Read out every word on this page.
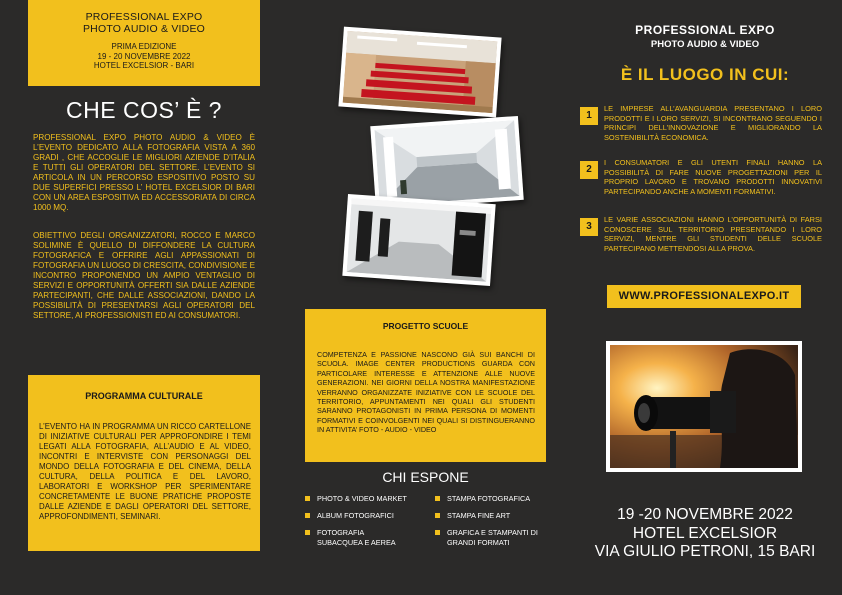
PROFESSIONAL EXPO
PHOTO AUDIO & VIDEO
PRIMA EDIZIONE
19 - 20 NOVEMBRE 2022
HOTEL EXCELSIOR - BARI
CHE COS’ È ?
PROFESSIONAL EXPO PHOTO AUDIO & VIDEO È L’EVENTO DEDICATO ALLA FOTOGRAFIA VISTA A 360 GRADI , CHE ACCOGLIE LE MIGLIORI AZIENDE D’ITALIA E TUTTI GLI OPERATORI DEL SETTORE. L’EVENTO SI ARTICOLA IN UN PERCORSO ESPOSITIVO POSTO SU DUE SUPERFICI PRESSO L’ HOTEL EXCELSIOR DI BARI CON UN AREA ESPOSITIVA ED ACCESSORIATA DI CIRCA 1000 MQ.
OBIETTIVO DEGLI ORGANIZZATORI, ROCCO E MARCO SOLIMINE È QUELLO DI DIFFONDERE LA CULTURA FOTOGRAFICA E OFFRIRE AGLI APPASSIONATI DI FOTOGRAFIA UN LUOGO DI CRESCITA, CONDIVISIONE E INCONTRO PROPONENDO UN AMPIO VENTAGLIO DI SERVIZI E OPPORTUNITÀ OFFERTI SIA DALLE AZIENDE PARTECIPANTI, CHE DALLE ASSOCIAZIONI, DANDO LA POSSIBILITÀ DI PRESENTARSI AGLI OPERATORI DEL SETTORE, AI PROFESSIONISTI ED AI CONSUMATORI.
PROGRAMMA CULTURALE
L’EVENTO HA IN PROGRAMMA UN RICCO CARTELLONE DI INIZIATIVE CULTURALI PER APPROFONDIRE I TEMI LEGATI ALLA FOTOGRAFIA, ALL’AUDIO E AL VIDEO, INCONTRI E INTERVISTE CON PERSONAGGI DEL MONDO DELLA FOTOGRAFIA E DEL CINEMA, DELLA CULTURA, DELLA POLITICA E DEL LAVORO, LABORATORI E WORKSHOP PER SPERIMENTARE CONCRETAMENTE LE BUONE PRATICHE PROPOSTE DALLE AZIENDE E DAGLI OPERATORI DEL SETTORE, APPROFONDIMENTI, SEMINARI.
PROGETTO SCUOLE
COMPETENZA E PASSIONE NASCONO GIÀ SUI BANCHI DI SCUOLA. IMAGE CENTER PRODUCTIONS GUARDA CON PARTICOLARE INTERESSE E ATTENZIONE ALLE NUOVE GENERAZIONI. NEI GIORNI DELLA NOSTRA MANIFESTAZIONE VERRANNO ORGANIZZATE INIZIATIVE CON LE SCUOLE DEL TERRITORIO, APPUNTAMENTI NEI QUALI GLI STUDENTI SARANNO PROTAGONISTI IN PRIMA PERSONA DI MOMENTI FORMATIVI E COINVOLGENTI NEI QUALI SI DISTINGUERANNO IN ATTIVITA’ FOTO - AUDIO - VIDEO
CHI ESPONE
PHOTO & VIDEO MARKET
ALBUM FOTOGRAFICI
FOTOGRAFIA SUBACQUEA E AEREA
STAMPA FOTOGRAFICA
STAMPA FINE ART
GRAFICA E STAMPANTI DI GRANDI FORMATI
PROFESSIONAL EXPO
PHOTO AUDIO & VIDEO
È IL LUOGO IN CUI:
1
LE IMPRESE ALL’AVANGUARDIA PRESENTANO I LORO PRODOTTI E I LORO SERVIZI, SI INCONTRANO SEGUENDO I PRINCIPI DELL’INNOVAZIONE E MIGLIORANDO LA SOSTENIBILITÀ ECONOMICA.
2
I CONSUMATORI E GLI UTENTI FINALI HANNO LA POSSIBILITÀ DI FARE NUOVE PROGETTAZIONI PER IL PROPRIO LAVORO E TROVANO PRODOTTI INNOVATIVI PARTECIPANDO ANCHE A MOMENTI FORMATIVI.
3
LE VARIE ASSOCIAZIONI HANNO L’OPPORTUNITÀ DI FARSI CONOSCERE SUL TERRITORIO PRESENTANDO I LORO SERVIZI, MENTRE GLI STUDENTI DELLE SCUOLE PARTECIPANO METTENDOSI ALLA PROVA.
WWW.PROFESSIONALEXPO.IT
19 -20 NOVEMBRE 2022
HOTEL EXCELSIOR
VIA GIULIO PETRONI, 15 BARI
